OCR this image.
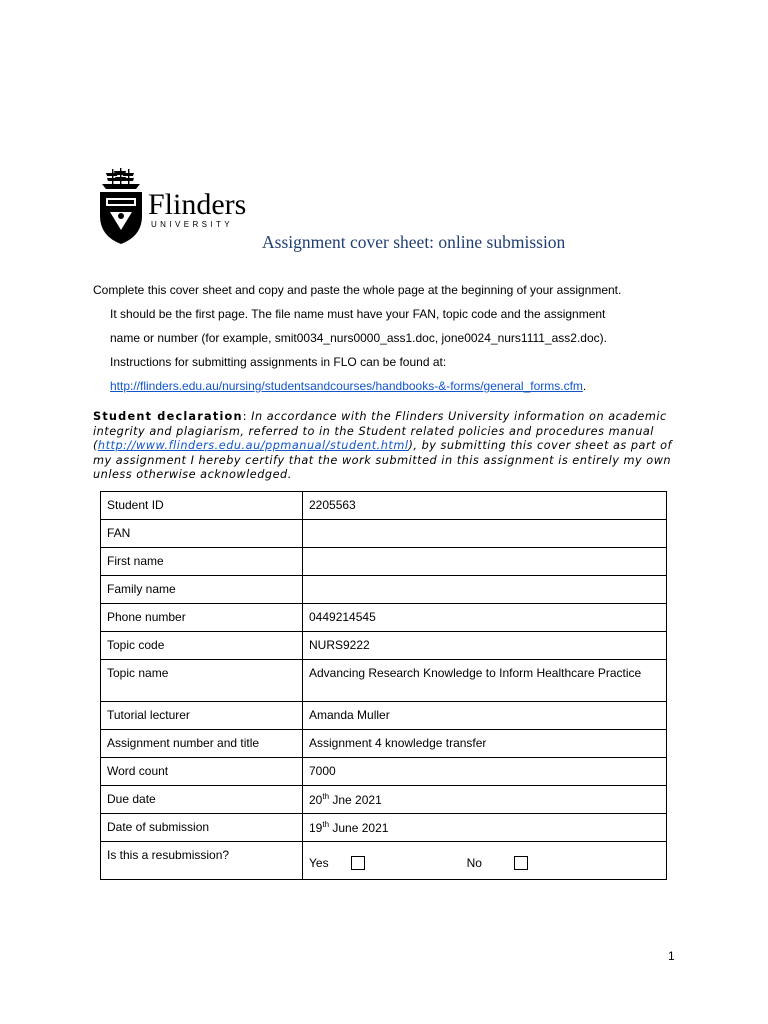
Flinders
UNIVERSITY
Assignment cover sheet: online submission
Complete this cover sheet and copy and paste the whole page at the beginning of your assignment.
It should be the first page. The file name must have your FAN, topic code and the assignment
name or number (for example, smit0034_nurs0000_ass1.doc, jone0024_nurs1111_ass2.doc).
Instructions for submitting assignments in FLO can be found at:
http://flinders.edu.au/nursing/studentsandcourses/handbooks-&-forms/general_forms.cfm.
Student declaration: In accordance with the Flinders University information on academic integrity and plagiarism, referred to in the Student related policies and procedures manual (http://www.flinders.edu.au/ppmanual/student.html), by submitting this cover sheet as part of my assignment I hereby certify that the work submitted in this assignment is entirely my own unless otherwise acknowledged.
Student ID	2205563
FAN	
First name	
Family name	
Phone number	0449214545
Topic code	NURS9222
Topic name	Advancing Research Knowledge to Inform Healthcare Practice
Tutorial lecturer	Amanda Muller
Assignment number and title	Assignment 4 knowledge transfer
Word count	7000
Due date	20th Jne 2021
Date of submission	19th June 2021
Is this a resubmission?	Yes No
1
